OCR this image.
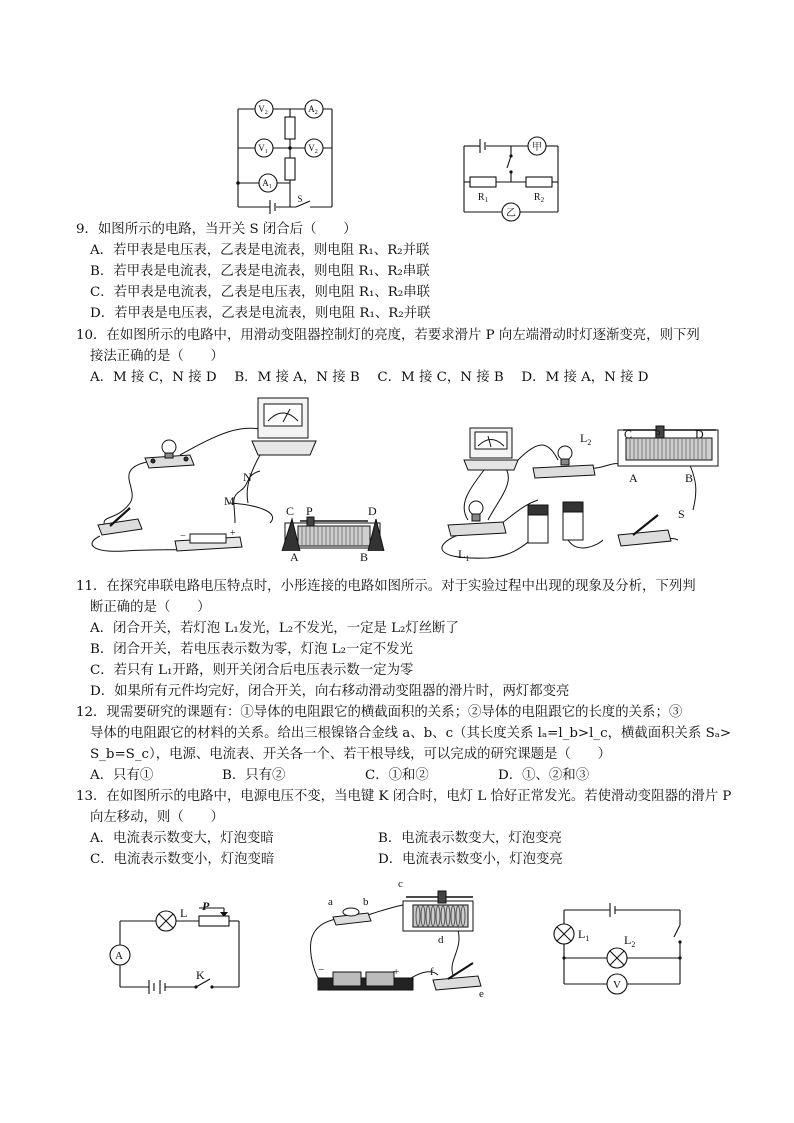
$V_2$	$A_2$
$V_1$	$V_2$
$A_1$
S
甲
乙
$R_1$	$R_2$
9．如图所示的电路，当开关 S 闭合后（　　）
A．若甲表是电压表，乙表是电流表，则电阻 R₁、R₂并联
B．若甲表是电流表，乙表是电流表，则电阻 R₁、R₂串联
C．若甲表是电流表，乙表是电压表，则电阻 R₁、R₂串联
D．若甲表是电压表，乙表是电流表，则电阻 R₁、R₂并联
10．在如图所示的电路中，用滑动变阻器控制灯的亮度，若要求滑片 P 向左端滑动时灯逐渐变亮，则下列
接法正确的是（　　）
A．M 接 C，N 接 D  B．M 接 A，N 接 B  C．M 接 C，N 接 B  D．M 接 A，N 接 D
N
M
C P	D
A	B
−	+
$L_2$
C P	D
A	B
S
$L_1$
11．在探究串联电路电压特点时，小彤连接的电路如图所示。对于实验过程中出现的现象及分析，下列判
断正确的是（　　）
A．闭合开关，若灯泡 L₁发光，L₂不发光，一定是 L₂灯丝断了
B．闭合开关，若电压表示数为零，灯泡 L₂一定不发光
C．若只有 L₁开路，则开关闭合后电压表示数一定为零
D．如果所有元件均完好，闭合开关，向右移动滑动变阻器的滑片时，两灯都变亮
12．现需要研究的课题有：①导体的电阻跟它的横截面积的关系；②导体的电阻跟它的长度的关系；③
导体的电阻跟它的材料的关系。给出三根镍铬合金线 a、b、c（其长度关系 lₐ=l_b>l_c，横截面积关系 Sₐ>
S_b=S_c），电源、电流表、开关各一个、若干根导线，可以完成的研究课题是（　　）
A．只有①	B．只有②	C．①和②	D．①、②和③
13．在如图所示的电路中，电源电压不变，当电键 K 闭合时，电灯 L 恰好正常发光。若使滑动变阻器的滑片 P
向左移动，则（　　）
A．电流表示数变大，灯泡变暗	B．电流表示数变大，灯泡变亮
C．电流表示数变小，灯泡变暗	D．电流表示数变小，灯泡变亮
L P
A
K
a	b
c
d
e
f
−	+
$L_1$	$L_2$
V
